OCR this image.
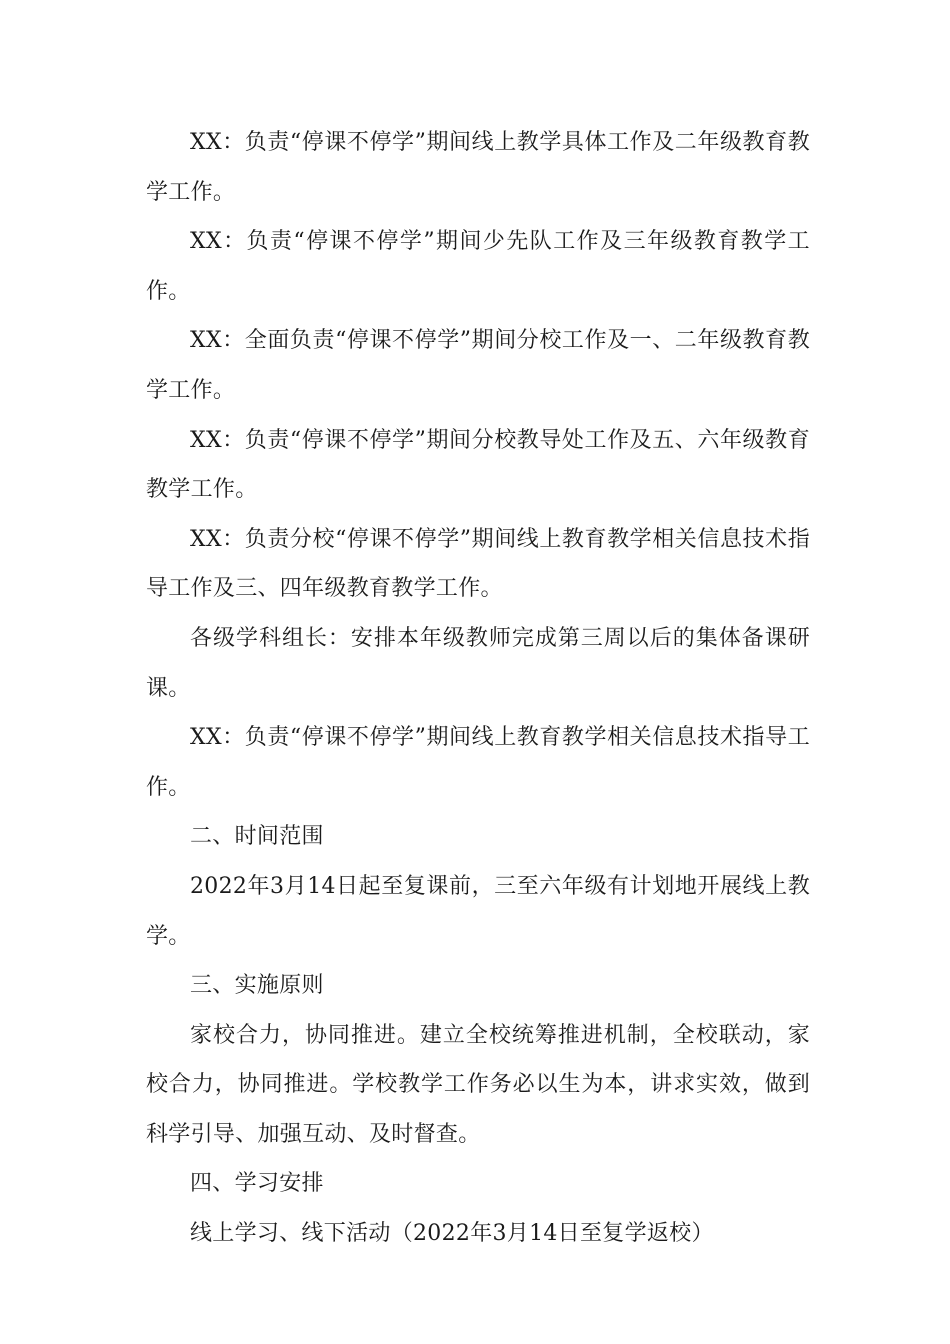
XX：负责“停课不停学”期间线上教学具体工作及二年级教育教学工作。

XX：负责“停课不停学”期间少先队工作及三年级教育教学工作。

XX：全面负责“停课不停学”期间分校工作及一、二年级教育教学工作。

XX：负责“停课不停学”期间分校教导处工作及五、六年级教育教学工作。

XX：负责分校“停课不停学”期间线上教育教学相关信息技术指导工作及三、四年级教育教学工作。

各级学科组长：安排本年级教师完成第三周以后的集体备课研课。

XX：负责“停课不停学”期间线上教育教学相关信息技术指导工作。

二、时间范围

2022年3月14日起至复课前，三至六年级有计划地开展线上教学。

三、实施原则

家校合力，协同推进。建立全校统筹推进机制，全校联动，家校合力，协同推进。学校教学工作务必以生为本，讲求实效，做到科学引导、加强互动、及时督查。

四、学习安排

线上学习、线下活动（2022年3月14日至复学返校）
